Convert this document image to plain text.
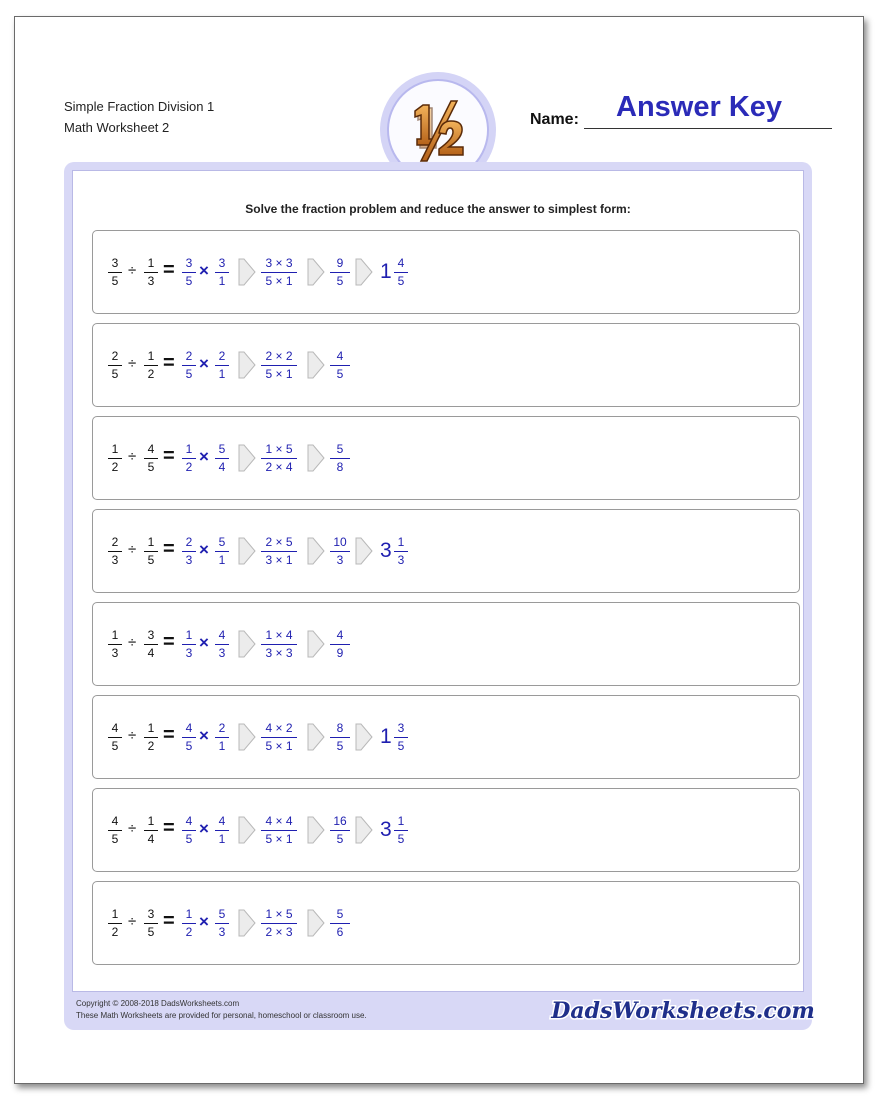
Simple Fraction Division 1
Math Worksheet 2	Name: Answer Key
Solve the fraction problem and reduce the answer to simplest form:
3
5
÷ 1
3 = 3
5
× 3
1
3 × 3
5 × 1
9
5 1 4
5
2
5
÷ 1
2 = 2
5
× 2
1
2 × 2
5 × 1
4
5
1
2
÷ 4
5 = 1
2
× 5
4
1 × 5
2 × 4
5
8
2
3
÷ 1
5 = 2
3
× 5
1
2 × 5
3 × 1
10
3 3 1
3
1
3
÷ 3
4 = 1
3
× 4
3
1 × 4
3 × 3
4
9
4
5
÷ 1
2 = 4
5
× 2
1
4 × 2
5 × 1
8
5 1 3
5
4
5
÷ 1
4 = 4
5
× 4
1
4 × 4
5 × 1
16
5 3 1
5
1
2
÷ 3
5 = 1
2
× 5
3
1 × 5
2 × 3
5
6
Copyright © 2008-2018 DadsWorksheets.com
These Math Worksheets are provided for personal, homeschool or classroom use.	DadsWorksheets.com
